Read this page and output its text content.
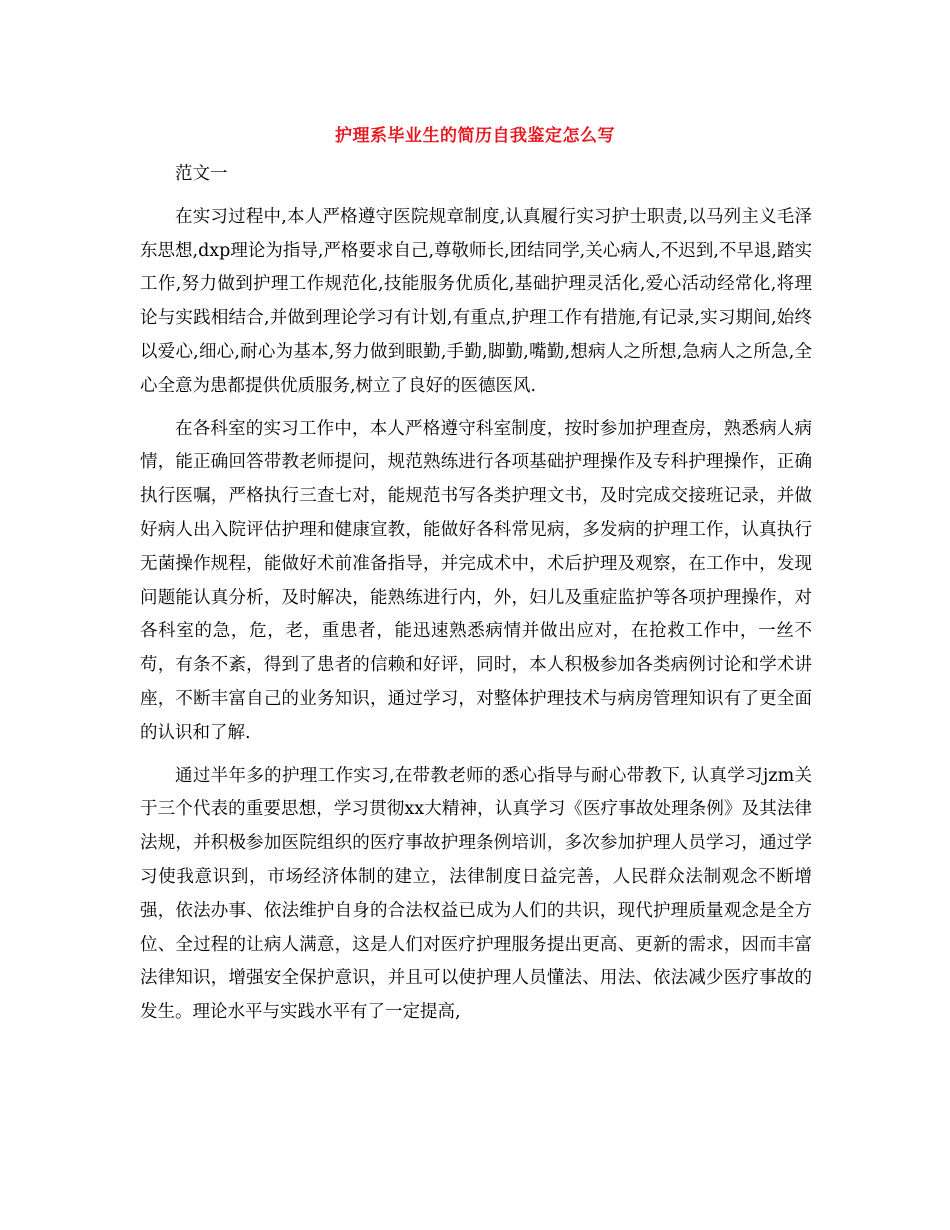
护理系毕业生的简历自我鉴定怎么写

范文一

在实习过程中,本人严格遵守医院规章制度,认真履行实习护士职责,以马列主义毛泽东思想,dxp理论为指导,严格要求自己,尊敬师长,团结同学,关心病人,不迟到,不早退,踏实工作,努力做到护理工作规范化,技能服务优质化,基础护理灵活化,爱心活动经常化,将理论与实践相结合,并做到理论学习有计划,有重点,护理工作有措施,有记录,实习期间,始终以爱心,细心,耐心为基本,努力做到眼勤,手勤,脚勤,嘴勤,想病人之所想,急病人之所急,全心全意为患都提供优质服务,树立了良好的医德医风.

在各科室的实习工作中，本人严格遵守科室制度，按时参加护理查房，熟悉病人病情，能正确回答带教老师提问，规范熟练进行各项基础护理操作及专科护理操作，正确执行医嘱，严格执行三查七对，能规范书写各类护理文书，及时完成交接班记录，并做好病人出入院评估护理和健康宣教，能做好各科常见病，多发病的护理工作，认真执行无菌操作规程，能做好术前准备指导，并完成术中，术后护理及观察，在工作中，发现问题能认真分析，及时解决，能熟练进行内，外，妇儿及重症监护等各项护理操作，对各科室的急，危，老，重患者，能迅速熟悉病情并做出应对，在抢救工作中，一丝不苟，有条不紊，得到了患者的信赖和好评，同时，本人积极参加各类病例讨论和学术讲座，不断丰富自己的业务知识，通过学习，对整体护理技术与病房管理知识有了更全面的认识和了解.

通过半年多的护理工作实习,在带教老师的悉心指导与耐心带教下, 认真学习jzm关于三个代表的重要思想，学习贯彻xx大精神，认真学习《医疗事故处理条例》及其法律法规，并积极参加医院组织的医疗事故护理条例培训，多次参加护理人员学习，通过学习使我意识到，市场经济体制的建立，法律制度日益完善，人民群众法制观念不断增强，依法办事、依法维护自身的合法权益已成为人们的共识，现代护理质量观念是全方位、全过程的让病人满意，这是人们对医疗护理服务提出更高、更新的需求，因而丰富法律知识，增强安全保护意识，并且可以使护理人员懂法、用法、依法减少医疗事故的发生。理论水平与实践水平有了一定提高,
